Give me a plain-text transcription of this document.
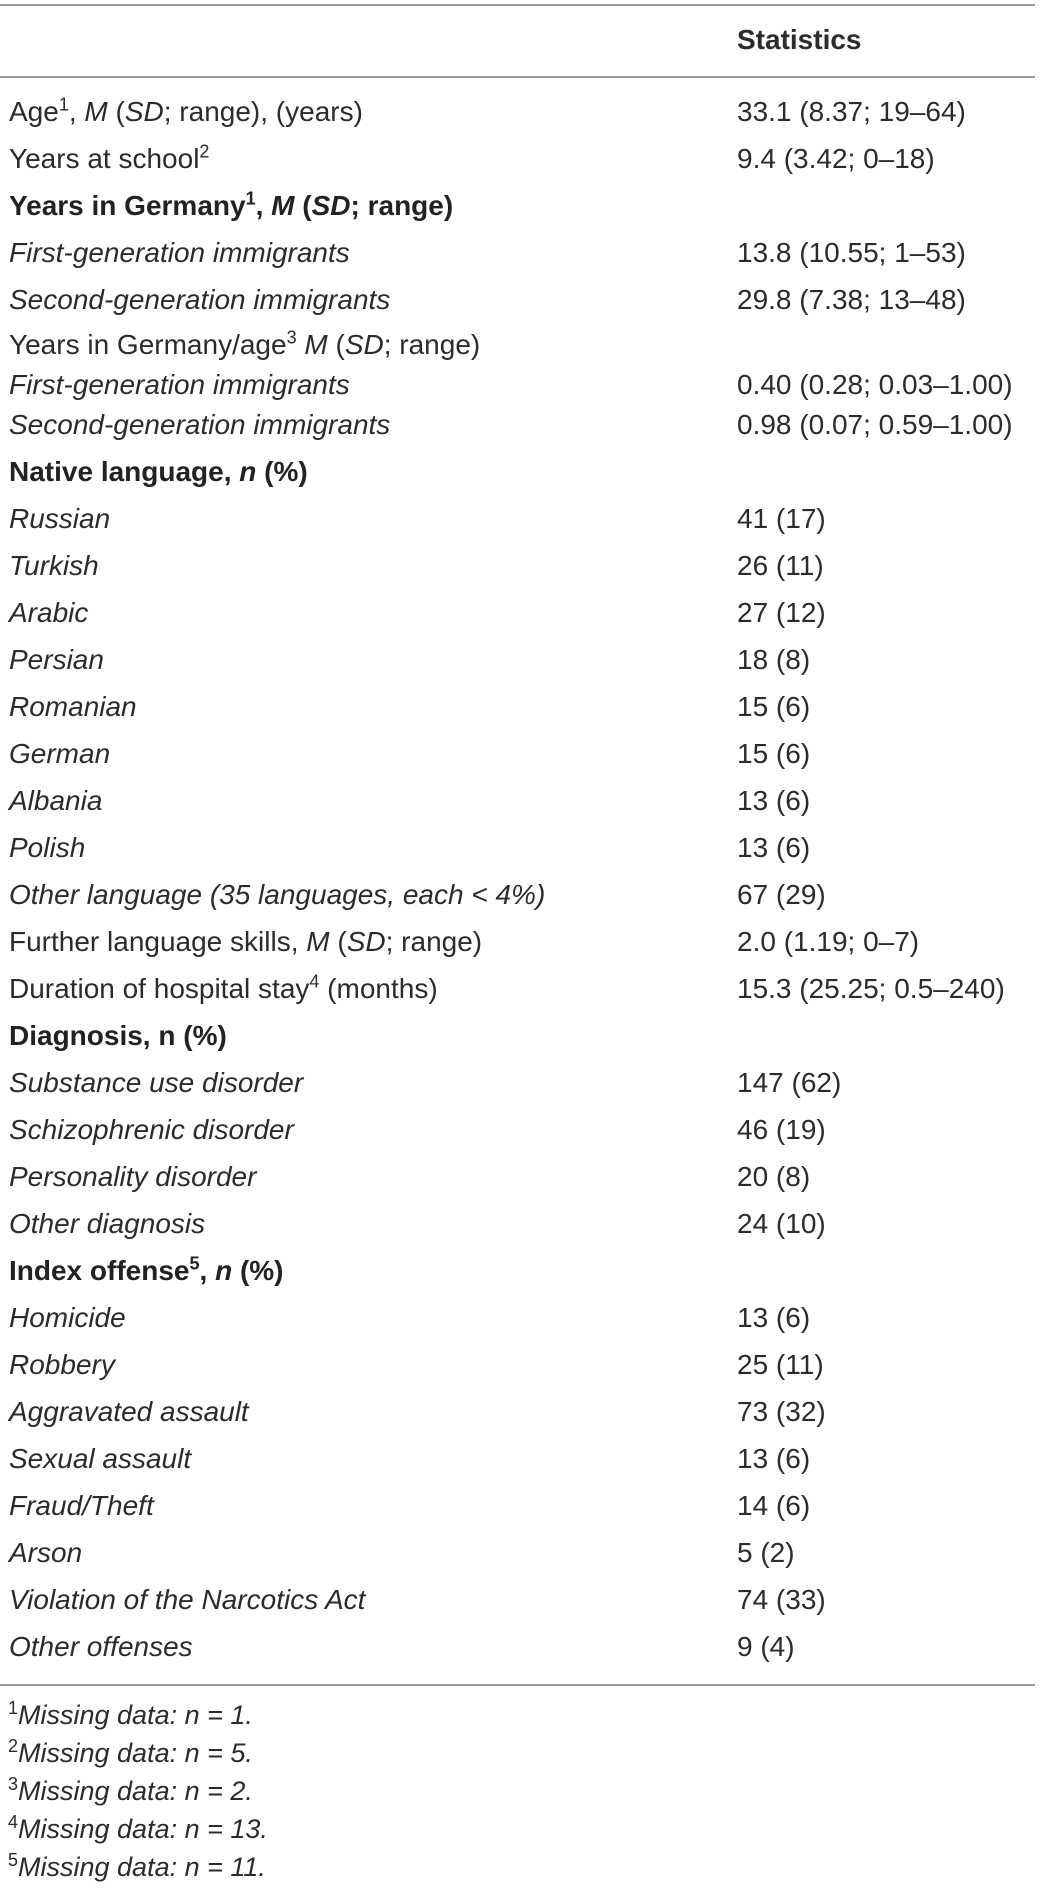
Statistics
Age$^1$, M (SD; range), (years)	33.1 (8.37; 19–64)
Years at school$^2$	9.4 (3.42; 0–18)
Years in Germany$^1$, M (SD; range)
First-generation immigrants	13.8 (10.55; 1–53)
Second-generation immigrants	29.8 (7.38; 13–48)
Years in Germany/age$^3$ M (SD; range)
First-generation immigrants	0.40 (0.28; 0.03–1.00)
Second-generation immigrants	0.98 (0.07; 0.59–1.00)
Native language, n (%)
Russian	41 (17)
Turkish	26 (11)
Arabic	27 (12)
Persian	18 (8)
Romanian	15 (6)
German	15 (6)
Albania	13 (6)
Polish	13 (6)
Other language (35 languages, each < 4%)	67 (29)
Further language skills, M (SD; range)	2.0 (1.19; 0–7)
Duration of hospital stay$^4$ (months)	15.3 (25.25; 0.5–240)
Diagnosis, n (%)
Substance use disorder	147 (62)
Schizophrenic disorder	46 (19)
Personality disorder	20 (8)
Other diagnosis	24 (10)
Index offense$^5$, n (%)
Homicide	13 (6)
Robbery	25 (11)
Aggravated assault	73 (32)
Sexual assault	13 (6)
Fraud/Theft	14 (6)
Arson	5 (2)
Violation of the Narcotics Act	74 (33)
Other offenses	9 (4)
$^1$Missing data: n = 1.
$^2$Missing data: n = 5.
$^3$Missing data: n = 2.
$^4$Missing data: n = 13.
$^5$Missing data: n = 11.
